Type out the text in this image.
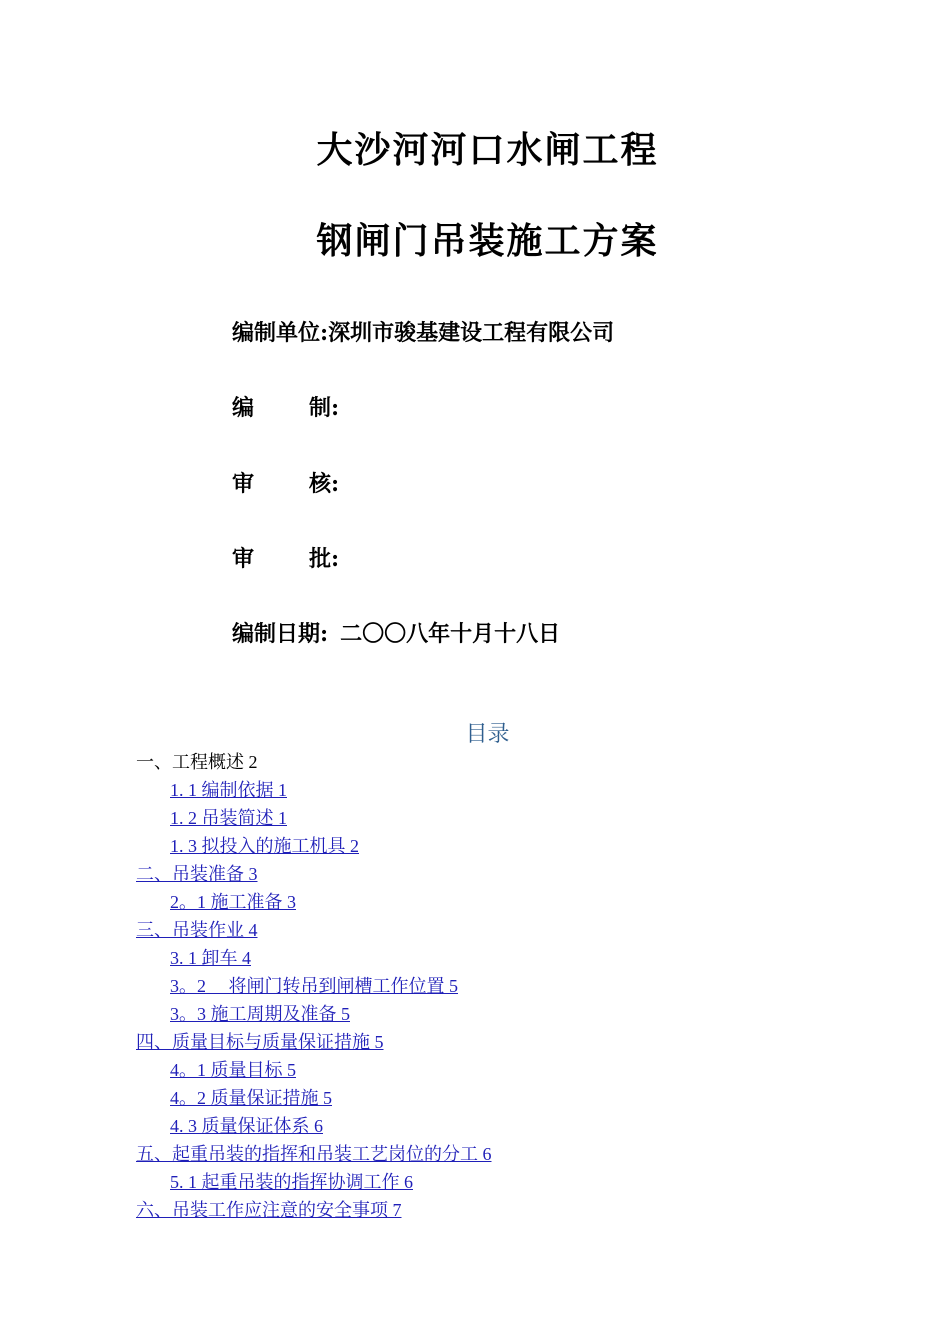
大沙河河口水闸工程
钢闸门吊装施工方案
编制单位:深圳市骏基建设工程有限公司
编 制:
审 核:
审 批:
编制日期: 二〇〇八年十月十八日
目录
一、工程概述 2
1. 1 编制依据 1
1. 2 吊装简述 1
1. 3 拟投入的施工机具 2
二、吊装准备 3
2。1 施工准备 3
三、吊装作业 4
3. 1 卸车 4
3。2 　将闸门转吊到闸槽工作位置 5
3。3 施工周期及准备 5
四、质量目标与质量保证措施 5
4。1 质量目标 5
4。2 质量保证措施 5
4. 3 质量保证体系 6
五、起重吊装的指挥和吊装工艺岗位的分工 6
5. 1 起重吊装的指挥协调工作 6
六、吊装工作应注意的安全事项 7
